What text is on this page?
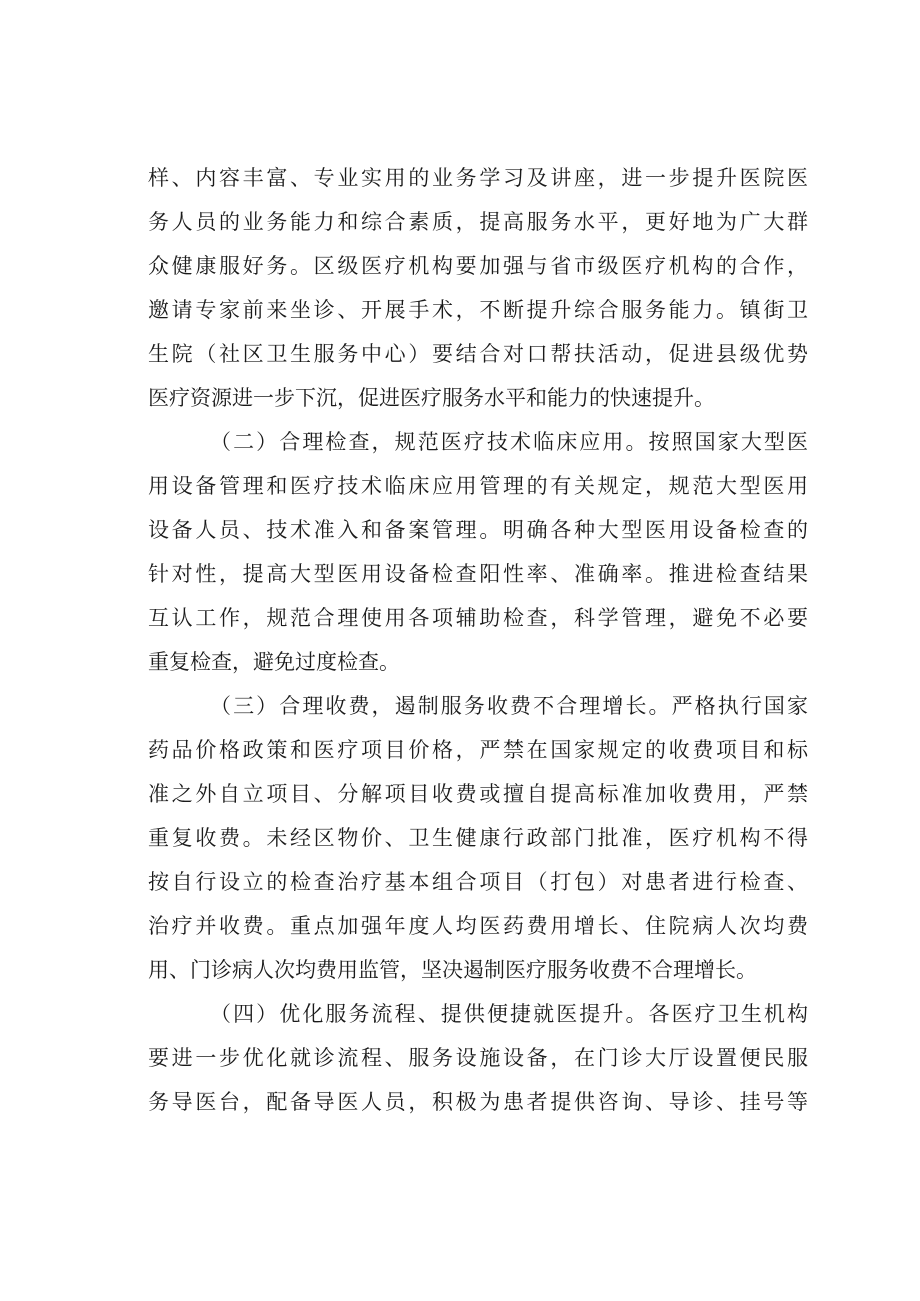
样、内容丰富、专业实用的业务学习及讲座，进一步提升医院医
务人员的业务能力和综合素质，提高服务水平，更好地为广大群
众健康服好务。区级医疗机构要加强与省市级医疗机构的合作，
邀请专家前来坐诊、开展手术，不断提升综合服务能力。镇街卫
生院（社区卫生服务中心）要结合对口帮扶活动，促进县级优势
医疗资源进一步下沉，促进医疗服务水平和能力的快速提升。
（二）合理检查，规范医疗技术临床应用。按照国家大型医
用设备管理和医疗技术临床应用管理的有关规定，规范大型医用
设备人员、技术准入和备案管理。明确各种大型医用设备检查的
针对性，提高大型医用设备检查阳性率、准确率。推进检查结果
互认工作，规范合理使用各项辅助检查，科学管理，避免不必要
重复检查，避免过度检查。
（三）合理收费，遏制服务收费不合理增长。严格执行国家
药品价格政策和医疗项目价格，严禁在国家规定的收费项目和标
准之外自立项目、分解项目收费或擅自提高标准加收费用，严禁
重复收费。未经区物价、卫生健康行政部门批准，医疗机构不得
按自行设立的检查治疗基本组合项目（打包）对患者进行检查、
治疗并收费。重点加强年度人均医药费用增长、住院病人次均费
用、门诊病人次均费用监管，坚决遏制医疗服务收费不合理增长。
（四）优化服务流程、提供便捷就医提升。各医疗卫生机构
要进一步优化就诊流程、服务设施设备，在门诊大厅设置便民服
务导医台，配备导医人员，积极为患者提供咨询、导诊、挂号等
